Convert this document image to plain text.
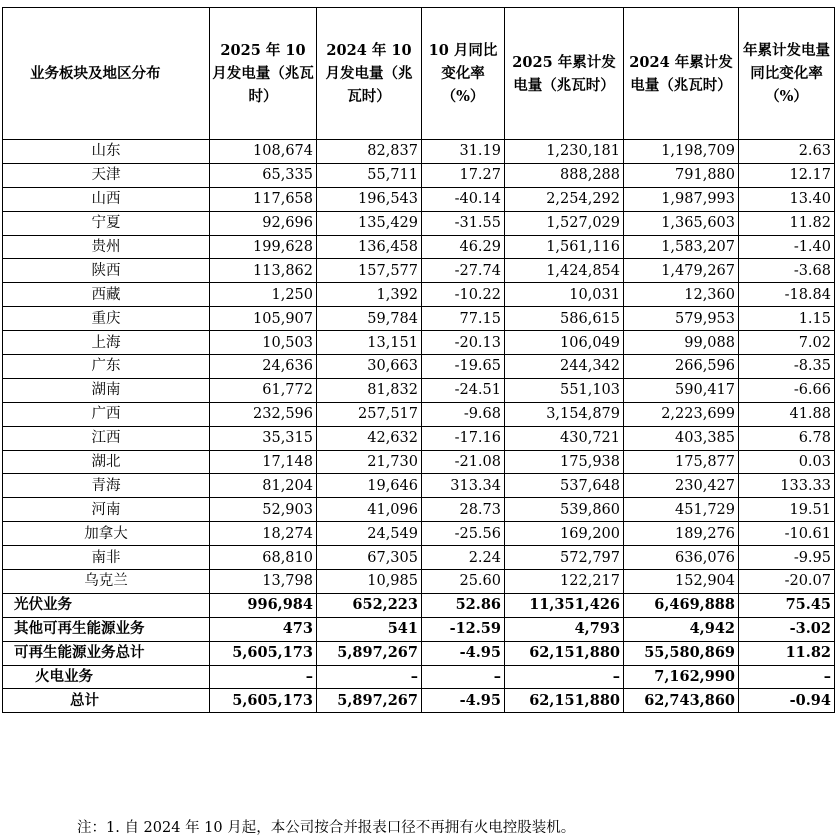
业务板块及地区分布	2025 年 10 月发电量（兆瓦时）	2024 年 10 月发电量（兆瓦时）	10 月同比变化率（%）	2025 年累计发电量（兆瓦时）	2024 年累计发电量（兆瓦时）	年累计发电量同比变化率（%）
山东	108,674	82,837	31.19	1,230,181	1,198,709	2.63
天津	65,335	55,711	17.27	888,288	791,880	12.17
山西	117,658	196,543	-40.14	2,254,292	1,987,993	13.40
宁夏	92,696	135,429	-31.55	1,527,029	1,365,603	11.82
贵州	199,628	136,458	46.29	1,561,116	1,583,207	-1.40
陕西	113,862	157,577	-27.74	1,424,854	1,479,267	-3.68
西藏	1,250	1,392	-10.22	10,031	12,360	-18.84
重庆	105,907	59,784	77.15	586,615	579,953	1.15
上海	10,503	13,151	-20.13	106,049	99,088	7.02
广东	24,636	30,663	-19.65	244,342	266,596	-8.35
湖南	61,772	81,832	-24.51	551,103	590,417	-6.66
广西	232,596	257,517	-9.68	3,154,879	2,223,699	41.88
江西	35,315	42,632	-17.16	430,721	403,385	6.78
湖北	17,148	21,730	-21.08	175,938	175,877	0.03
青海	81,204	19,646	313.34	537,648	230,427	133.33
河南	52,903	41,096	28.73	539,860	451,729	19.51
加拿大	18,274	24,549	-25.56	169,200	189,276	-10.61
南非	68,810	67,305	2.24	572,797	636,076	-9.95
乌克兰	13,798	10,985	25.60	122,217	152,904	-20.07
光伏业务	996,984	652,223	52.86	11,351,426	6,469,888	75.45
其他可再生能源业务	473	541	-12.59	4,793	4,942	-3.02
可再生能源业务总计	5,605,173	5,897,267	-4.95	62,151,880	55,580,869	11.82
火电业务	–	–	–	–	7,162,990	–
总计	5,605,173	5,897,267	-4.95	62,151,880	62,743,860	-0.94
注：1. 自 2024 年 10 月起，本公司按合并报表口径不再拥有火电控股装机。
